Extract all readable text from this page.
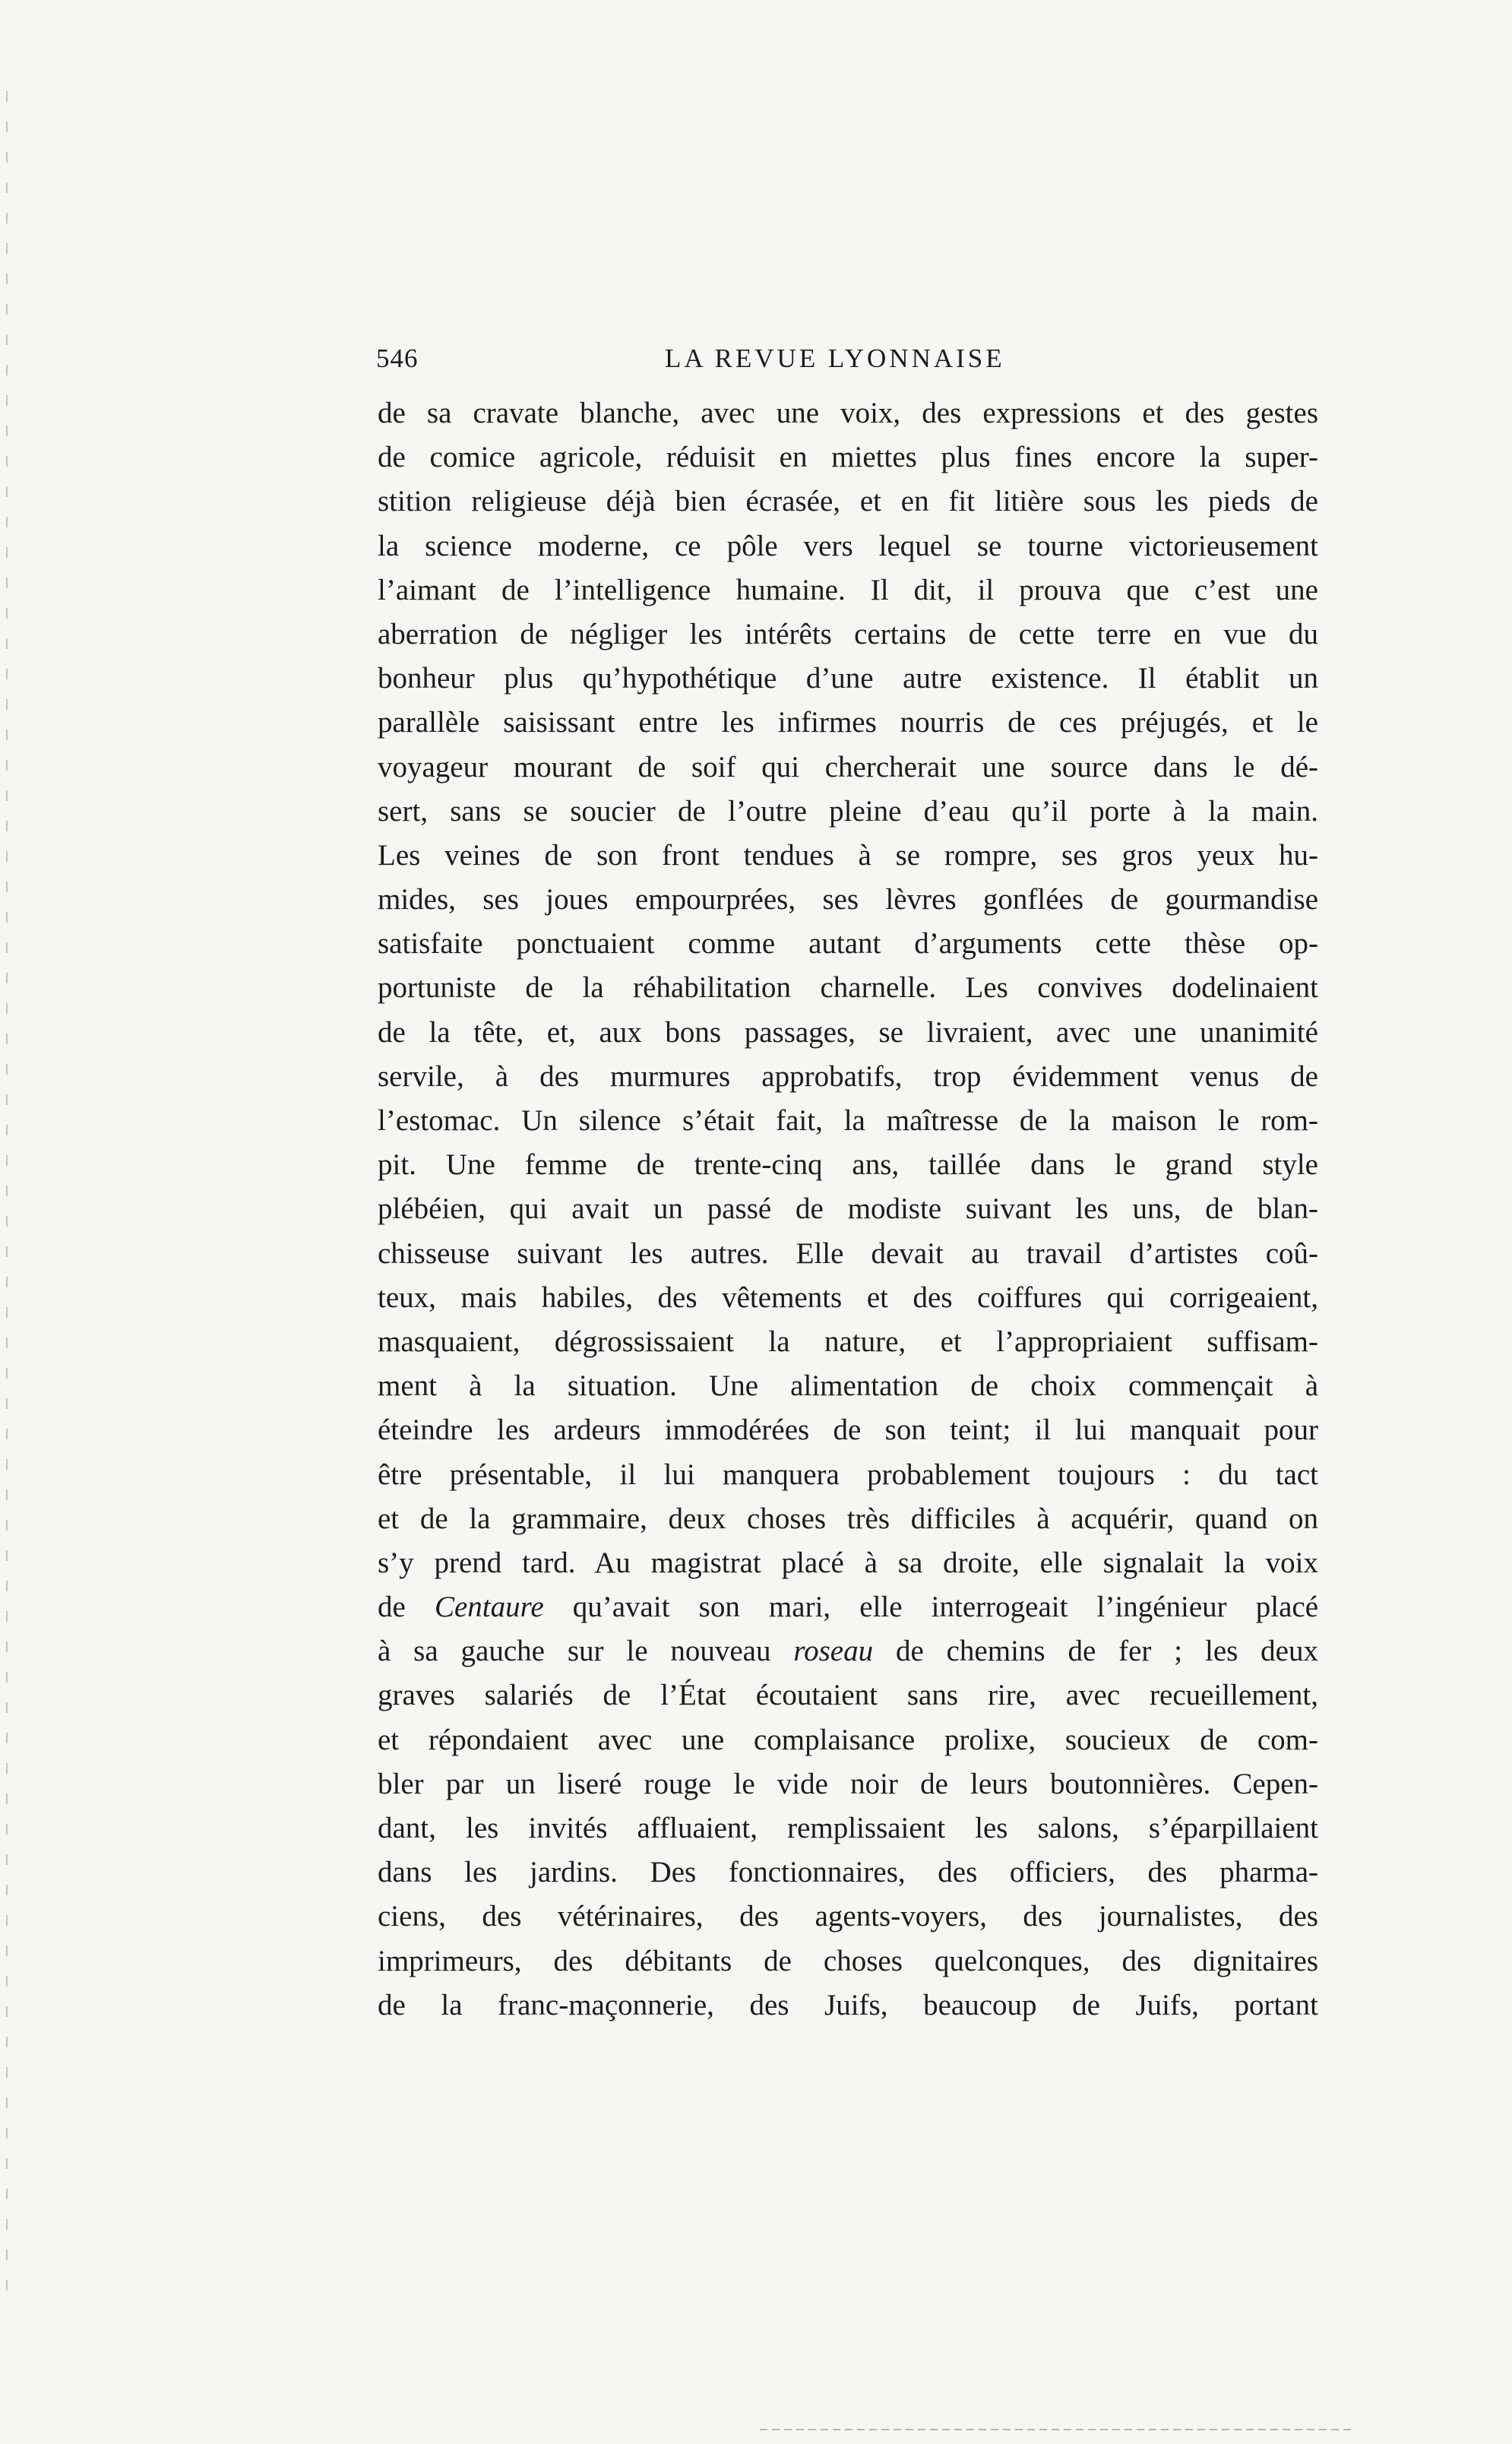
546	LA REVUE LYONNAISE
de sa cravate blanche, avec une voix, des expressions et des gestes
de comice agricole, réduisit en miettes plus fines encore la super-
stition religieuse déjà bien écrasée, et en fit litière sous les pieds de
la science moderne, ce pôle vers lequel se tourne victorieusement
l’aimant de l’intelligence humaine. Il dit, il prouva que c’est une
aberration de négliger les intérêts certains de cette terre en vue du
bonheur plus qu’hypothétique d’une autre existence. Il établit un
parallèle saisissant entre les infirmes nourris de ces préjugés, et le
voyageur mourant de soif qui chercherait une source dans le dé-
sert, sans se soucier de l’outre pleine d’eau qu’il porte à la main.
Les veines de son front tendues à se rompre, ses gros yeux hu-
mides, ses joues empourprées, ses lèvres gonflées de gourmandise
satisfaite ponctuaient comme autant d’arguments cette thèse op-
portuniste de la réhabilitation charnelle. Les convives dodelinaient
de la tête, et, aux bons passages, se livraient, avec une unanimité
servile, à des murmures approbatifs, trop évidemment venus de
l’estomac. Un silence s’était fait, la maîtresse de la maison le rom-
pit. Une femme de trente-cinq ans, taillée dans le grand style
plébéien, qui avait un passé de modiste suivant les uns, de blan-
chisseuse suivant les autres. Elle devait au travail d’artistes coû-
teux, mais habiles, des vêtements et des coiffures qui corrigeaient,
masquaient, dégrossissaient la nature, et l’appropriaient suffisam-
ment à la situation. Une alimentation de choix commençait à
éteindre les ardeurs immodérées de son teint; il lui manquait pour
être présentable, il lui manquera probablement toujours : du tact
et de la grammaire, deux choses très difficiles à acquérir, quand on
s’y prend tard. Au magistrat placé à sa droite, elle signalait la voix
de Centaure qu’avait son mari, elle interrogeait l’ingénieur placé
à sa gauche sur le nouveau roseau de chemins de fer ; les deux
graves salariés de l’État écoutaient sans rire, avec recueillement,
et répondaient avec une complaisance prolixe, soucieux de com-
bler par un liseré rouge le vide noir de leurs boutonnières. Cepen-
dant, les invités affluaient, remplissaient les salons, s’éparpillaient
dans les jardins. Des fonctionnaires, des officiers, des pharma-
ciens, des vétérinaires, des agents-voyers, des journalistes, des
imprimeurs, des débitants de choses quelconques, des dignitaires
de la franc-maçonnerie, des Juifs, beaucoup de Juifs, portant
